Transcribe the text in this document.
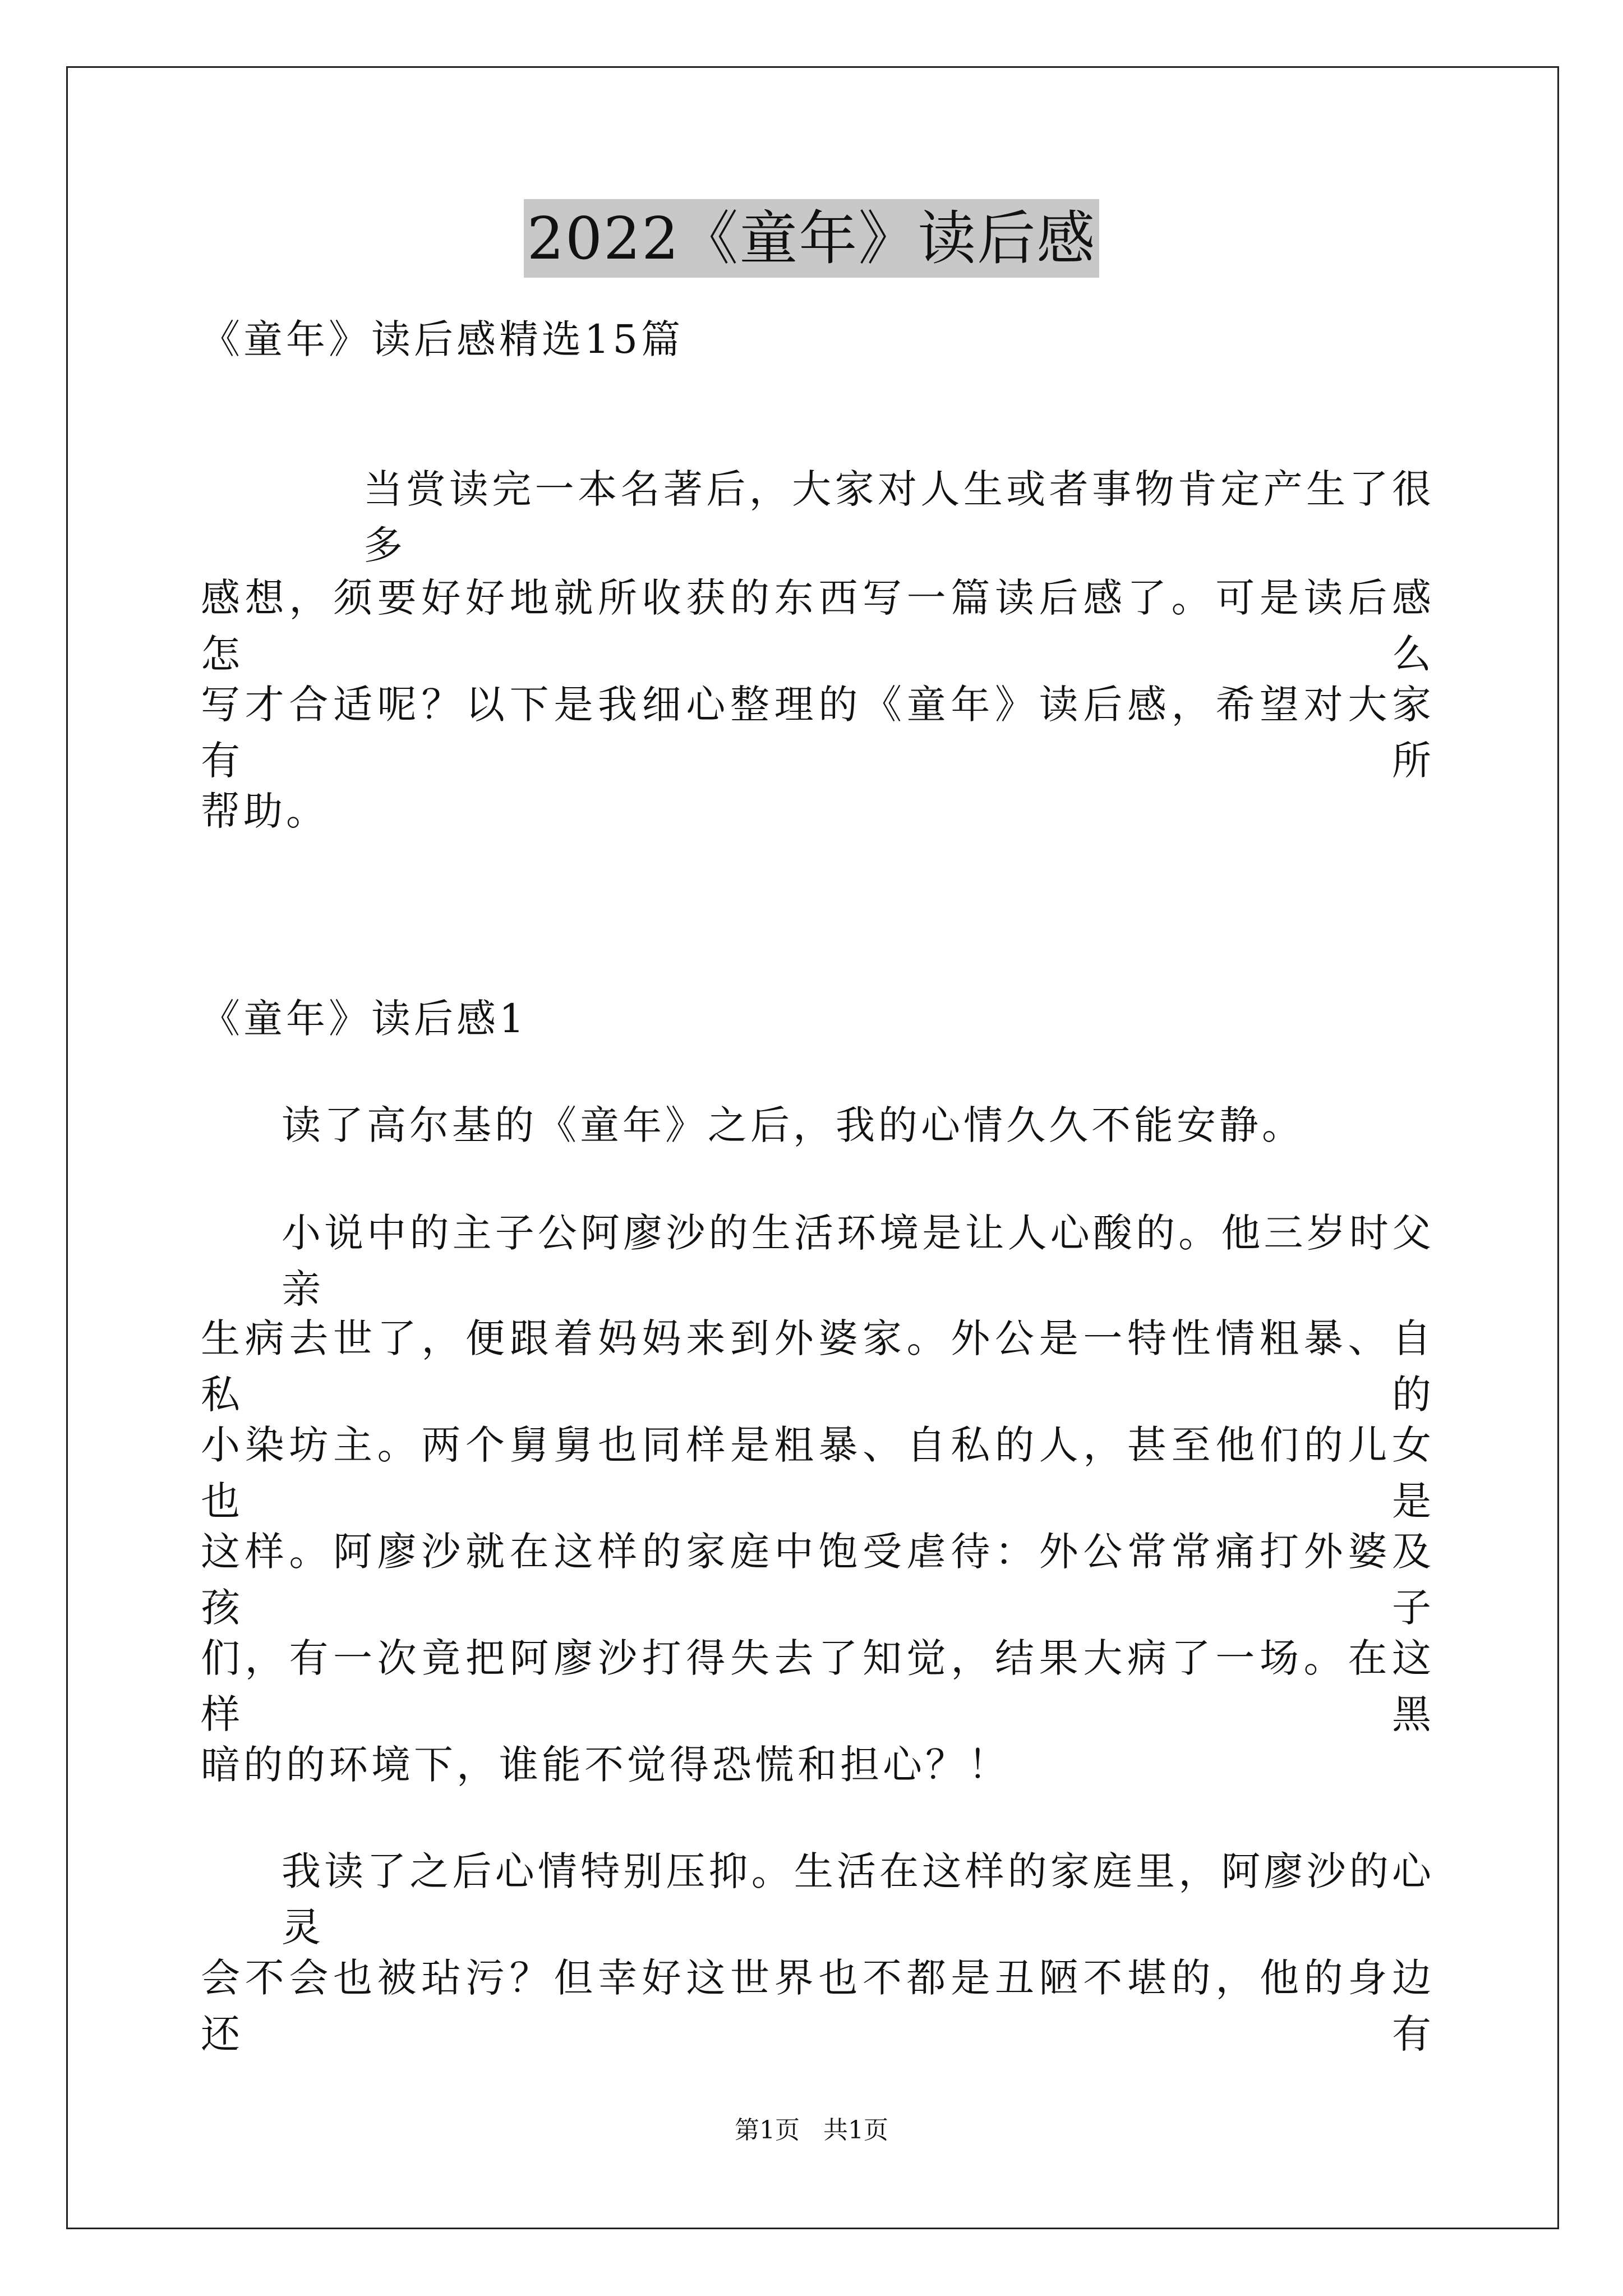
2022《童年》读后感
《童年》读后感精选15篇
当赏读完一本名著后，大家对人生或者事物肯定产生了很多
感想，须要好好地就所收获的东西写一篇读后感了。可是读后感怎么
写才合适呢？以下是我细心整理的《童年》读后感，希望对大家有所
帮助。
《童年》读后感1
读了高尔基的《童年》之后，我的心情久久不能安静。
小说中的主子公阿廖沙的生活环境是让人心酸的。他三岁时父亲
生病去世了，便跟着妈妈来到外婆家。外公是一特性情粗暴、自私的
小染坊主。两个舅舅也同样是粗暴、自私的人，甚至他们的儿女也是
这样。阿廖沙就在这样的家庭中饱受虐待：外公常常痛打外婆及孩子
们，有一次竟把阿廖沙打得失去了知觉，结果大病了一场。在这样黑
暗的的环境下，谁能不觉得恐慌和担心？！
我读了之后心情特别压抑。生活在这样的家庭里，阿廖沙的心灵
会不会也被玷污？但幸好这世界也不都是丑陋不堪的，他的身边还有
第1页   共1页
